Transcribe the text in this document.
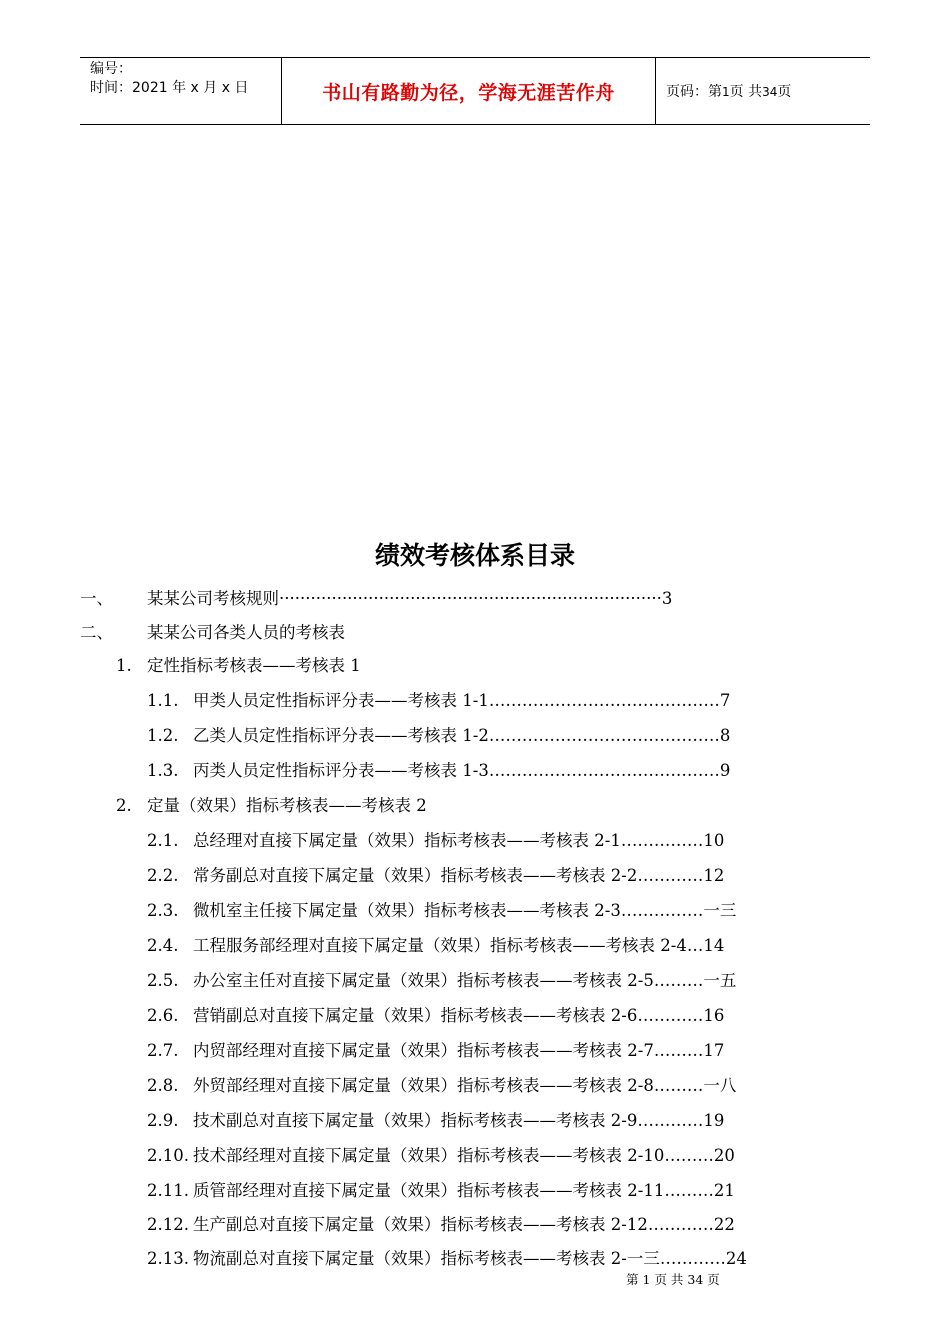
编号：
时间：2021 年 x 月 x 日	书山有路勤为径，学海无涯苦作舟	页码：第1页 共34页
绩效考核体系目录
一、 某某公司考核规则·········································································3
二、 某某公司各类人员的考核表
1. 定性指标考核表——考核表 1
1.1. 甲类人员定性指标评分表——考核表 1-1……………………………………7
1.2. 乙类人员定性指标评分表——考核表 1-2……………………………………8
1.3. 丙类人员定性指标评分表——考核表 1-3……………………………………9
2. 定量（效果）指标考核表——考核表 2
2.1. 总经理对直接下属定量（效果）指标考核表——考核表 2-1……………10
2.2. 常务副总对直接下属定量（效果）指标考核表——考核表 2-2…………12
2.3. 微机室主任接下属定量（效果）指标考核表——考核表 2-3……………一三
2.4. 工程服务部经理对直接下属定量（效果）指标考核表——考核表 2-4…14
2.5. 办公室主任对直接下属定量（效果）指标考核表——考核表 2-5………一五
2.6. 营销副总对直接下属定量（效果）指标考核表——考核表 2-6…………16
2.7. 内贸部经理对直接下属定量（效果）指标考核表——考核表 2-7………17
2.8. 外贸部经理对直接下属定量（效果）指标考核表——考核表 2-8………一八
2.9. 技术副总对直接下属定量（效果）指标考核表——考核表 2-9…………19
2.10. 技术部经理对直接下属定量（效果）指标考核表——考核表 2-10………20
2.11. 质管部经理对直接下属定量（效果）指标考核表——考核表 2-11………21
2.12. 生产副总对直接下属定量（效果）指标考核表——考核表 2-12…………22
2.13. 物流副总对直接下属定量（效果）指标考核表——考核表 2-一三…………24
第 1 页 共 34 页
